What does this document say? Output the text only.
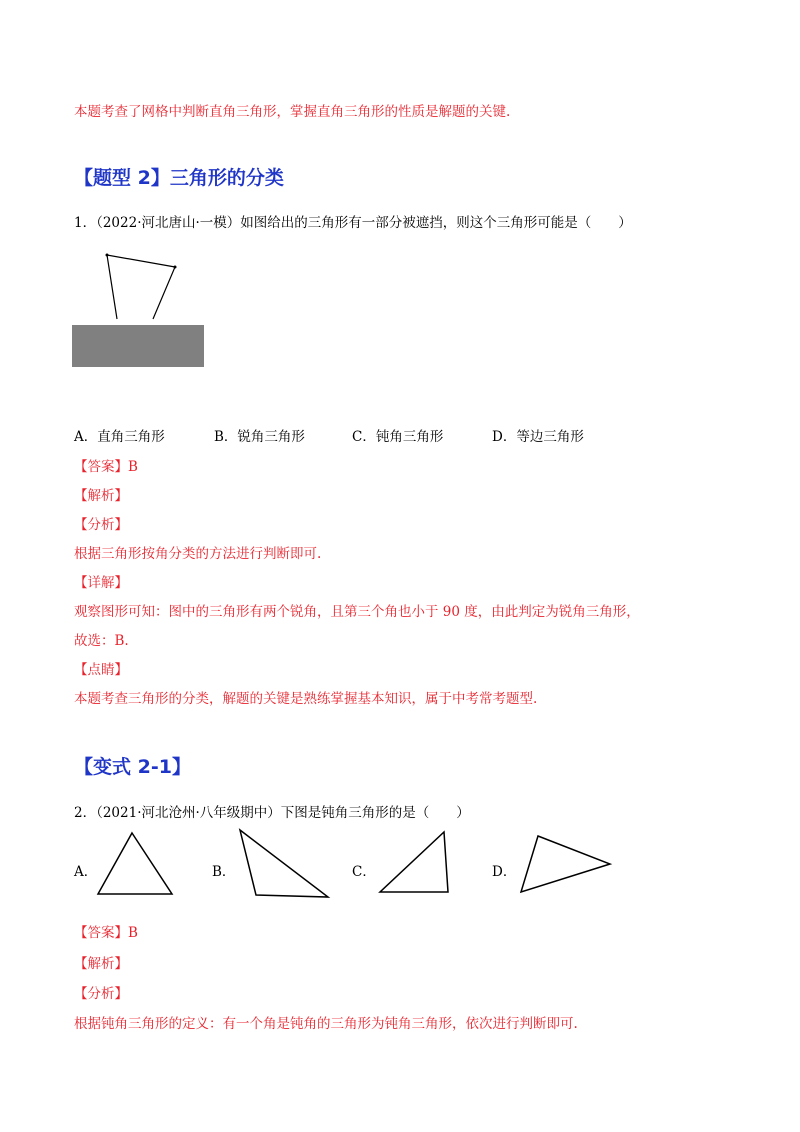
本题考查了网格中判断直角三角形，掌握直角三角形的性质是解题的关键.
【题型 2】三角形的分类
1．（2022·河北唐山·一模）如图给出的三角形有一部分被遮挡，则这个三角形可能是（　　）
A．直角三角形	B．锐角三角形	C．钝角三角形	D．等边三角形
【答案】B
【解析】
【分析】
根据三角形按角分类的方法进行判断即可.
【详解】
观察图形可知：图中的三角形有两个锐角，且第三个角也小于 90 度，由此判定为锐角三角形，
故选：B.
【点睛】
本题考查三角形的分类，解题的关键是熟练掌握基本知识，属于中考常考题型.
【变式 2-1】
2．（2021·河北沧州·八年级期中）下图是钝角三角形的是（　　）
A．	B．	C．	D．
【答案】B
【解析】
【分析】
根据钝角三角形的定义：有一个角是钝角的三角形为钝角三角形，依次进行判断即可.
